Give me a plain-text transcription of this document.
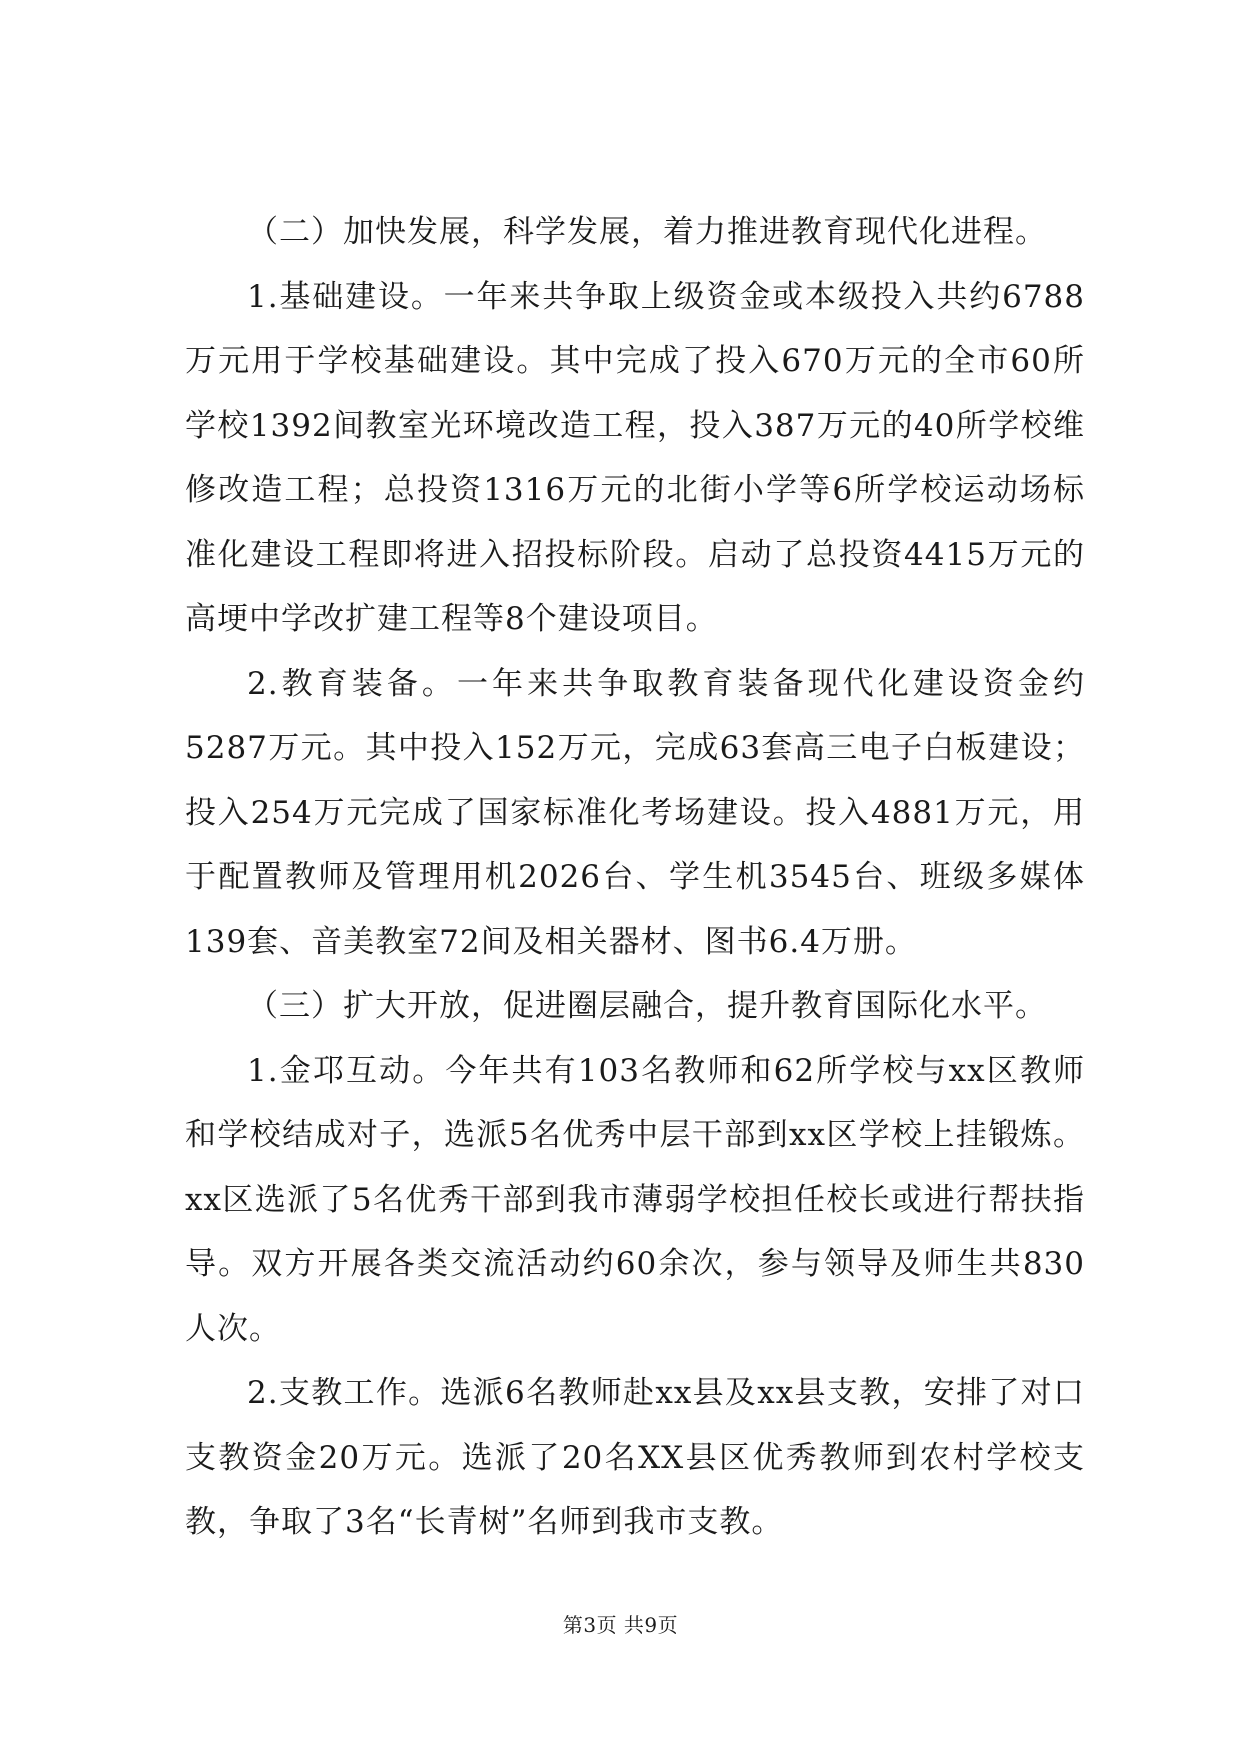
（二）加快发展，科学发展，着力推进教育现代化进程。

1.基础建设。一年来共争取上级资金或本级投入共约6788万元用于学校基础建设。其中完成了投入670万元的全市60所学校1392间教室光环境改造工程，投入387万元的40所学校维修改造工程；总投资1316万元的北街小学等6所学校运动场标准化建设工程即将进入招投标阶段。启动了总投资4415万元的高埂中学改扩建工程等8个建设项目。

2.教育装备。一年来共争取教育装备现代化建设资金约5287万元。其中投入152万元，完成63套高三电子白板建设；投入254万元完成了国家标准化考场建设。投入4881万元，用于配置教师及管理用机2026台、学生机3545台、班级多媒体139套、音美教室72间及相关器材、图书6.4万册。

（三）扩大开放，促进圈层融合，提升教育国际化水平。

1.金邛互动。今年共有103名教师和62所学校与xx区教师和学校结成对子，选派5名优秀中层干部到xx区学校上挂锻炼。xx区选派了5名优秀干部到我市薄弱学校担任校长或进行帮扶指导。双方开展各类交流活动约60余次，参与领导及师生共830人次。

2.支教工作。选派6名教师赴xx县及xx县支教，安排了对口支教资金20万元。选派了20名XX县区优秀教师到农村学校支教，争取了3名“长青树”名师到我市支教。

第3页 共9页
